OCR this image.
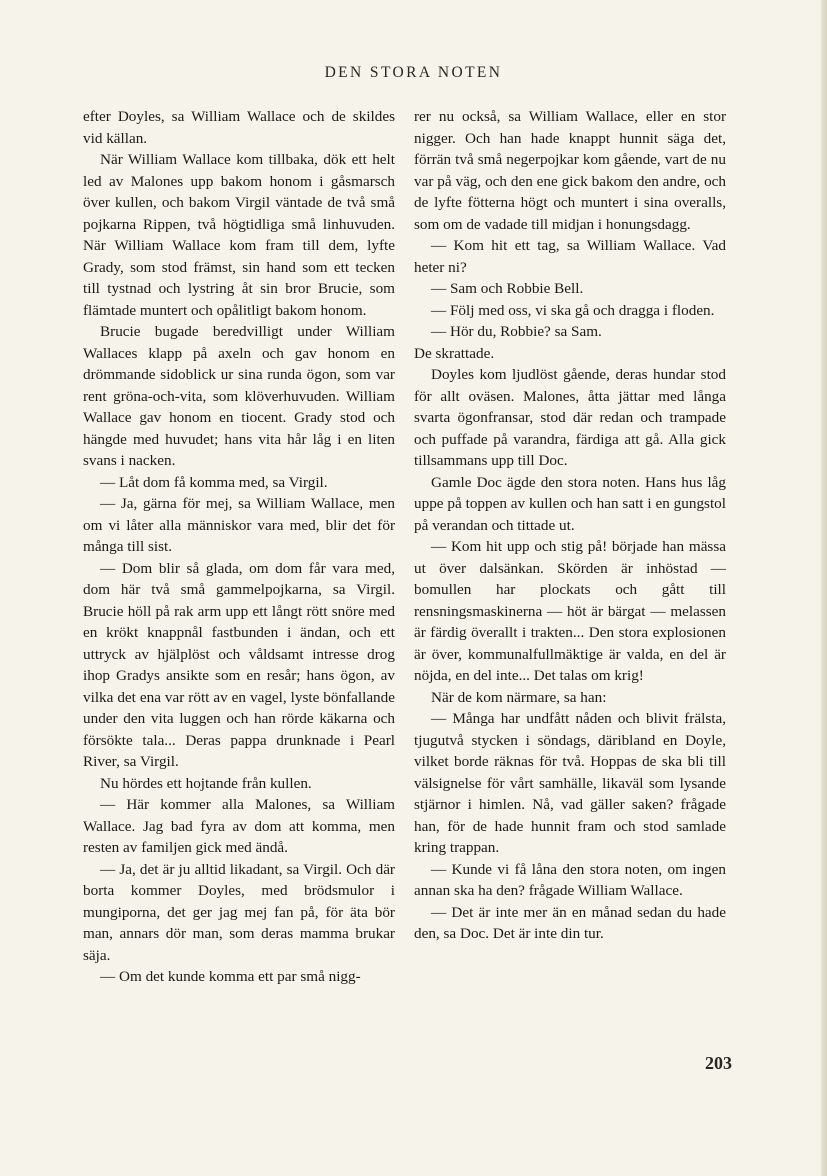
DEN STORA NOTEN

efter Doyles, sa William Wallace och de skildes vid källan.

När William Wallace kom tillbaka, dök ett helt led av Malones upp bakom honom i gåsmarsch över kullen, och bakom Virgil väntade de två små pojkarna Rippen, två högtidliga små linhuvuden. När William Wallace kom fram till dem, lyfte Grady, som stod främst, sin hand som ett tecken till tystnad och lystring åt sin bror Brucie, som flämtade muntert och opålitligt bakom honom.

Brucie bugade beredvilligt under William Wallaces klapp på axeln och gav honom en drömmande sidoblick ur sina runda ögon, som var rent gröna-och-vita, som klöverhuvuden. William Wallace gav honom en tiocent. Grady stod och hängde med huvudet; hans vita hår låg i en liten svans i nacken.

— Låt dom få komma med, sa Virgil.

— Ja, gärna för mej, sa William Wallace, men om vi låter alla människor vara med, blir det för många till sist.

— Dom blir så glada, om dom får vara med, dom här två små gammelpojkarna, sa Virgil. Brucie höll på rak arm upp ett långt rött snöre med en krökt knappnål fastbunden i ändan, och ett uttryck av hjälplöst och våldsamt intresse drog ihop Gradys ansikte som en resår; hans ögon, av vilka det ena var rött av en vagel, lyste bönfallande under den vita luggen och han rörde käkarna och försökte tala... Deras pappa drunknade i Pearl River, sa Virgil.

Nu hördes ett hojtande från kullen.

— Här kommer alla Malones, sa William Wallace. Jag bad fyra av dom att komma, men resten av familjen gick med ändå.

— Ja, det är ju alltid likadant, sa Virgil. Och där borta kommer Doyles, med brödsmulor i mungiporna, det ger jag mej fan på, för äta bör man, annars dör man, som deras mamma brukar säja.

— Om det kunde komma ett par små nigg-

rer nu också, sa William Wallace, eller en stor nigger. Och han hade knappt hunnit säga det, förrän två små negerpojkar kom gående, vart de nu var på väg, och den ene gick bakom den andre, och de lyfte fötterna högt och muntert i sina overalls, som om de vadade till midjan i honungsdagg.

— Kom hit ett tag, sa William Wallace. Vad heter ni?

— Sam och Robbie Bell.

— Följ med oss, vi ska gå och dragga i floden.

— Hör du, Robbie? sa Sam.

De skrattade.

Doyles kom ljudlöst gående, deras hundar stod för allt oväsen. Malones, åtta jättar med långa svarta ögonfransar, stod där redan och trampade och puffade på varandra, färdiga att gå. Alla gick tillsammans upp till Doc.

Gamle Doc ägde den stora noten. Hans hus låg uppe på toppen av kullen och han satt i en gungstol på verandan och tittade ut.

— Kom hit upp och stig på! började han mässa ut över dalsänkan. Skörden är inhöstad — bomullen har plockats och gått till rensningsmaskinerna — höt är bärgat — melassen är färdig överallt i trakten... Den stora explosionen är över, kommunalfullmäktige är valda, en del är nöjda, en del inte... Det talas om krig!

När de kom närmare, sa han:

— Många har undfått nåden och blivit frälsta, tjugutvå stycken i söndags, däribland en Doyle, vilket borde räknas för två. Hoppas de ska bli till välsignelse för vårt samhälle, likaväl som lysande stjärnor i himlen. Nå, vad gäller saken? frågade han, för de hade hunnit fram och stod samlade kring trappan.

— Kunde vi få låna den stora noten, om ingen annan ska ha den? frågade William Wallace.

— Det är inte mer än en månad sedan du hade den, sa Doc. Det är inte din tur.

203
